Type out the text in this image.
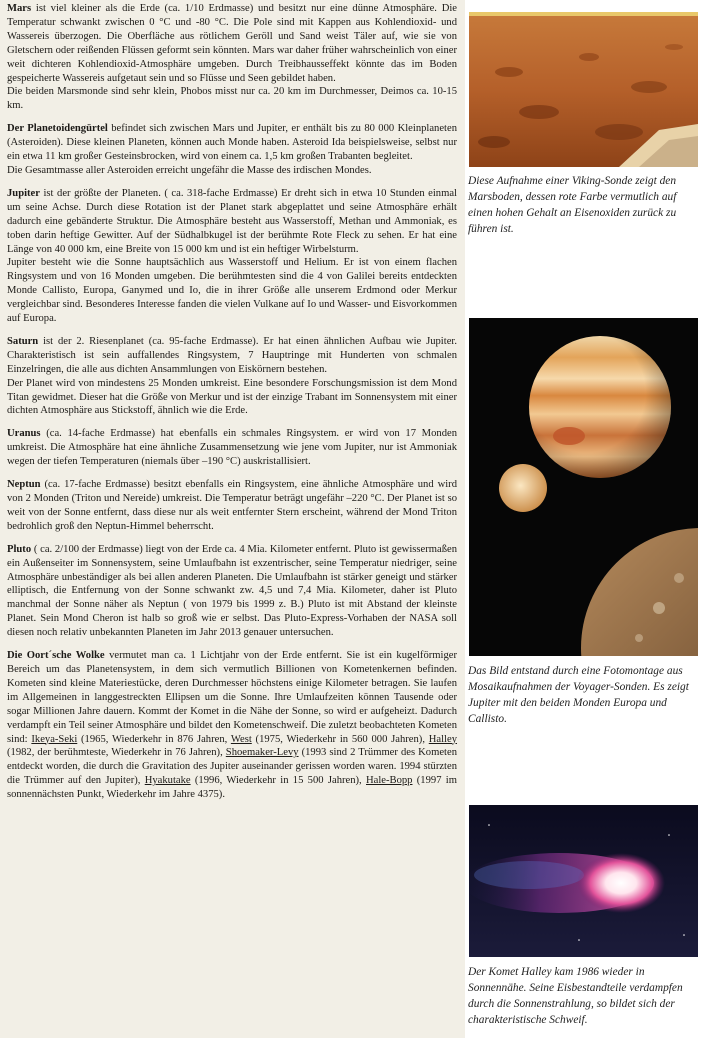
Mars ist viel kleiner als die Erde (ca. 1/10 Erdmasse) und besitzt nur eine dünne Atmosphäre. Die Temperatur schwankt zwischen 0 °C und -80 °C. Die Pole sind mit Kappen aus Kohlendioxid- und Wassereis überzogen. Die Oberfläche aus rötlichem Geröll und Sand weist Täler auf, wie sie von Gletschern oder reißenden Flüssen geformt sein könnten. Mars war daher früher wahrscheinlich von einer weit dichteren Kohlendioxid-Atmosphäre umgeben. Durch Treibhausseffekt könnte das im Boden gespeicherte Wassereis aufgetaut sein und so Flüsse und Seen gebildet haben.

Die beiden Marsmonde sind sehr klein, Phobos misst nur ca. 20 km im Durchmesser, Deimos ca. 10-15 km.

Der Planetoidengürtel befindet sich zwischen Mars und Jupiter, er enthält bis zu 80 000 Kleinplaneten (Asteroiden). Diese kleinen Planeten, können auch Monde haben. Asteroid Ida beispielsweise, selbst nur ein etwa 11 km großer Gesteinsbrocken, wird von einem ca. 1,5 km großen Trabanten begleitet.

Die Gesamtmasse aller Asteroiden erreicht ungefähr die Masse des irdischen Mondes.

Jupiter ist der größte der Planeten. ( ca. 318-fache Erdmasse) Er dreht sich in etwa 10 Stunden einmal um seine Achse. Durch diese Rotation ist der Planet stark abgeplattet und seine Atmosphäre erhält dadurch eine gebänderte Struktur. Die Atmosphäre besteht aus Wasserstoff, Methan und Ammoniak, es toben darin heftige Gewitter. Auf der Südhalbkugel ist der berühmte Rote Fleck zu sehen. Er hat eine Länge von 40 000 km, eine Breite von 15 000 km und ist ein heftiger Wirbelsturm.

Jupiter besteht wie die Sonne hauptsächlich aus Wasserstoff und Helium. Er ist von einem flachen Ringsystem und von 16 Monden umgeben. Die berühmtesten sind die 4 von Galilei bereits entdeckten Monde Callisto, Europa, Ganymed und Io, die in ihrer Größe alle unserem Erdmond oder Merkur vergleichbar sind. Besonderes Interesse fanden die vielen Vulkane auf Io und Wasser- und Eisvorkommen auf Europa.

Saturn ist der 2. Riesenplanet (ca. 95-fache Erdmasse). Er hat einen ähnlichen Aufbau wie Jupiter. Charakteristisch ist sein auffallendes Ringsystem, 7 Hauptringe mit Hunderten von schmalen Einzelringen, die alle aus dichten Ansammlungen von Eiskörnern bestehen.

Der Planet wird von mindestens 25 Monden umkreist. Eine besondere Forschungsmission ist dem Mond Titan gewidmet. Dieser hat die Größe von Merkur und ist der einzige Trabant im Sonnensystem mit einer dichten Atmosphäre aus Stickstoff, ähnlich wie die Erde.

Uranus (ca. 14-fache Erdmasse) hat ebenfalls ein schmales Ringsystem. er wird von 17 Monden umkreist. Die Atmosphäre hat eine ähnliche Zusammensetzung wie jene vom Jupiter, nur ist Ammoniak wegen der tiefen Temperaturen (niemals über –190 °C) auskristallisiert.

Neptun (ca. 17-fache Erdmasse) besitzt ebenfalls ein Ringsystem, eine ähnliche Atmosphäre und wird von 2 Monden (Triton und Nereide) umkreist. Die Temperatur beträgt ungefähr –220 °C. Der Planet ist so weit von der Sonne entfernt, dass diese nur als weit entfernter Stern erscheint, während der Mond Triton bedrohlich groß den Neptun-Himmel beherrscht.

Pluto ( ca. 2/100 der Erdmasse) liegt von der Erde ca. 4 Mia. Kilometer entfernt. Pluto ist gewissermaßen ein Außenseiter im Sonnensystem, seine Umlaufbahn ist exzentrischer, seine Temperatur niedriger, seine Atmosphäre unbeständiger als bei allen anderen Planeten. Die Umlaufbahn ist stärker geneigt und stärker elliptisch, die Entfernung von der Sonne schwankt zw. 4,5 und 7,4 Mia. Kilometer, daher ist Pluto manchmal der Sonne näher als Neptun ( von 1979 bis 1999 z. B.) Pluto ist mit Abstand der kleinste Planet. Sein Mond Cheron ist halb so groß wie er selbst. Das Pluto-Express-Vorhaben der NASA soll diesen noch relativ unbekannten Planeten im Jahr 2013 genauer untersuchen.

Die Oort´sche Wolke vermutet man ca. 1 Lichtjahr von der Erde entfernt. Sie ist ein kugelförmiger Bereich um das Planetensystem, in dem sich vermutlich Billionen von Kometenkernen befinden. Kometen sind kleine Materiestücke, deren Durchmesser höchstens einige Kilometer betragen. Sie laufen im Allgemeinen in langgestreckten Ellipsen um die Sonne. Ihre Umlaufzeiten können Tausende oder sogar Millionen Jahre dauern. Kommt der Komet in die Nähe der Sonne, so wird er aufgeheizt. Dadurch verdampft ein Teil seiner Atmosphäre und bildet den Kometenschweif. Die zuletzt beobachteten Kometen sind: Ikeya-Seki (1965, Wiederkehr in 876 Jahren, West (1975, Wiederkehr in 560 000 Jahren), Halley (1982, der berühmteste, Wiederkehr in 76 Jahren), Shoemaker-Levy (1993 sind 2 Trümmer des Kometen entdeckt worden, die durch die Gravitation des Jupiter auseinander gerissen worden waren. 1994 stürzten die Trümmer auf den Jupiter), Hyakutake (1996, Wiederkehr in 15 500 Jahren), Hale-Bopp (1997 im sonnennächsten Punkt, Wiederkehr im Jahre 4375).

Diese Aufnahme einer Viking-Sonde zeigt den Marsboden, dessen rote Farbe vermutlich auf einen hohen Gehalt an Eisenoxiden zurück zu führen ist.
Das Bild entstand durch eine Fotomontage aus Mosaikaufnahmen der Voyager-Sonden. Es zeigt Jupiter mit den beiden Monden Europa und Callisto.
Der Komet Halley kam 1986 wieder in Sonnennähe. Seine Eisbestandteile verdampfen durch die Sonnenstrahlung, so bildet sich der charakteristische Schweif.
